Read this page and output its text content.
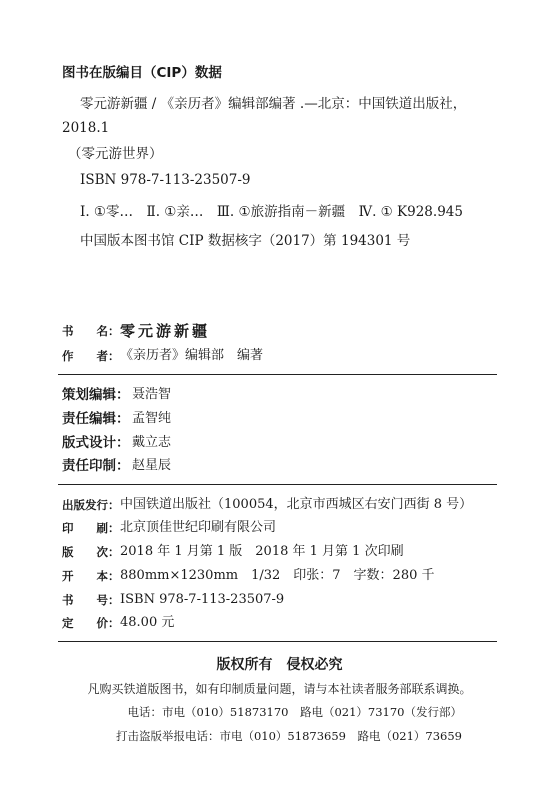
图书在版编目（CIP）数据
零元游新疆 / 《亲历者》编辑部编著 .—北京：中国铁道出版社，
2018.1
（零元游世界）
ISBN 978-7-113-23507-9
Ⅰ. ①零…　Ⅱ. ①亲…　Ⅲ. ①旅游指南－新疆　Ⅳ. ① K928.945
中国版本图书馆 CIP 数据核字（2017）第 194301 号
书　　名：零元游新疆
作　　者：《亲历者》编辑部　编著
策划编辑： 聂浩智
责任编辑： 孟智纯
版式设计： 戴立志
责任印制： 赵星辰
出版发行：中国铁道出版社（100054，北京市西城区右安门西街 8 号）
印　　刷：北京顶佳世纪印刷有限公司
版　　次：2018 年 1 月第 1 版　2018 年 1 月第 1 次印刷
开　　本：880mm×1230mm　1/32　印张：7　字数：280 千
书　　号：ISBN 978-7-113-23507-9
定　　价：48.00 元
版权所有　侵权必究
凡购买铁道版图书，如有印制质量问题，请与本社读者服务部联系调换。
电话：市电（010）51873170　路电（021）73170（发行部）
打击盗版举报电话：市电（010）51873659　路电（021）73659
